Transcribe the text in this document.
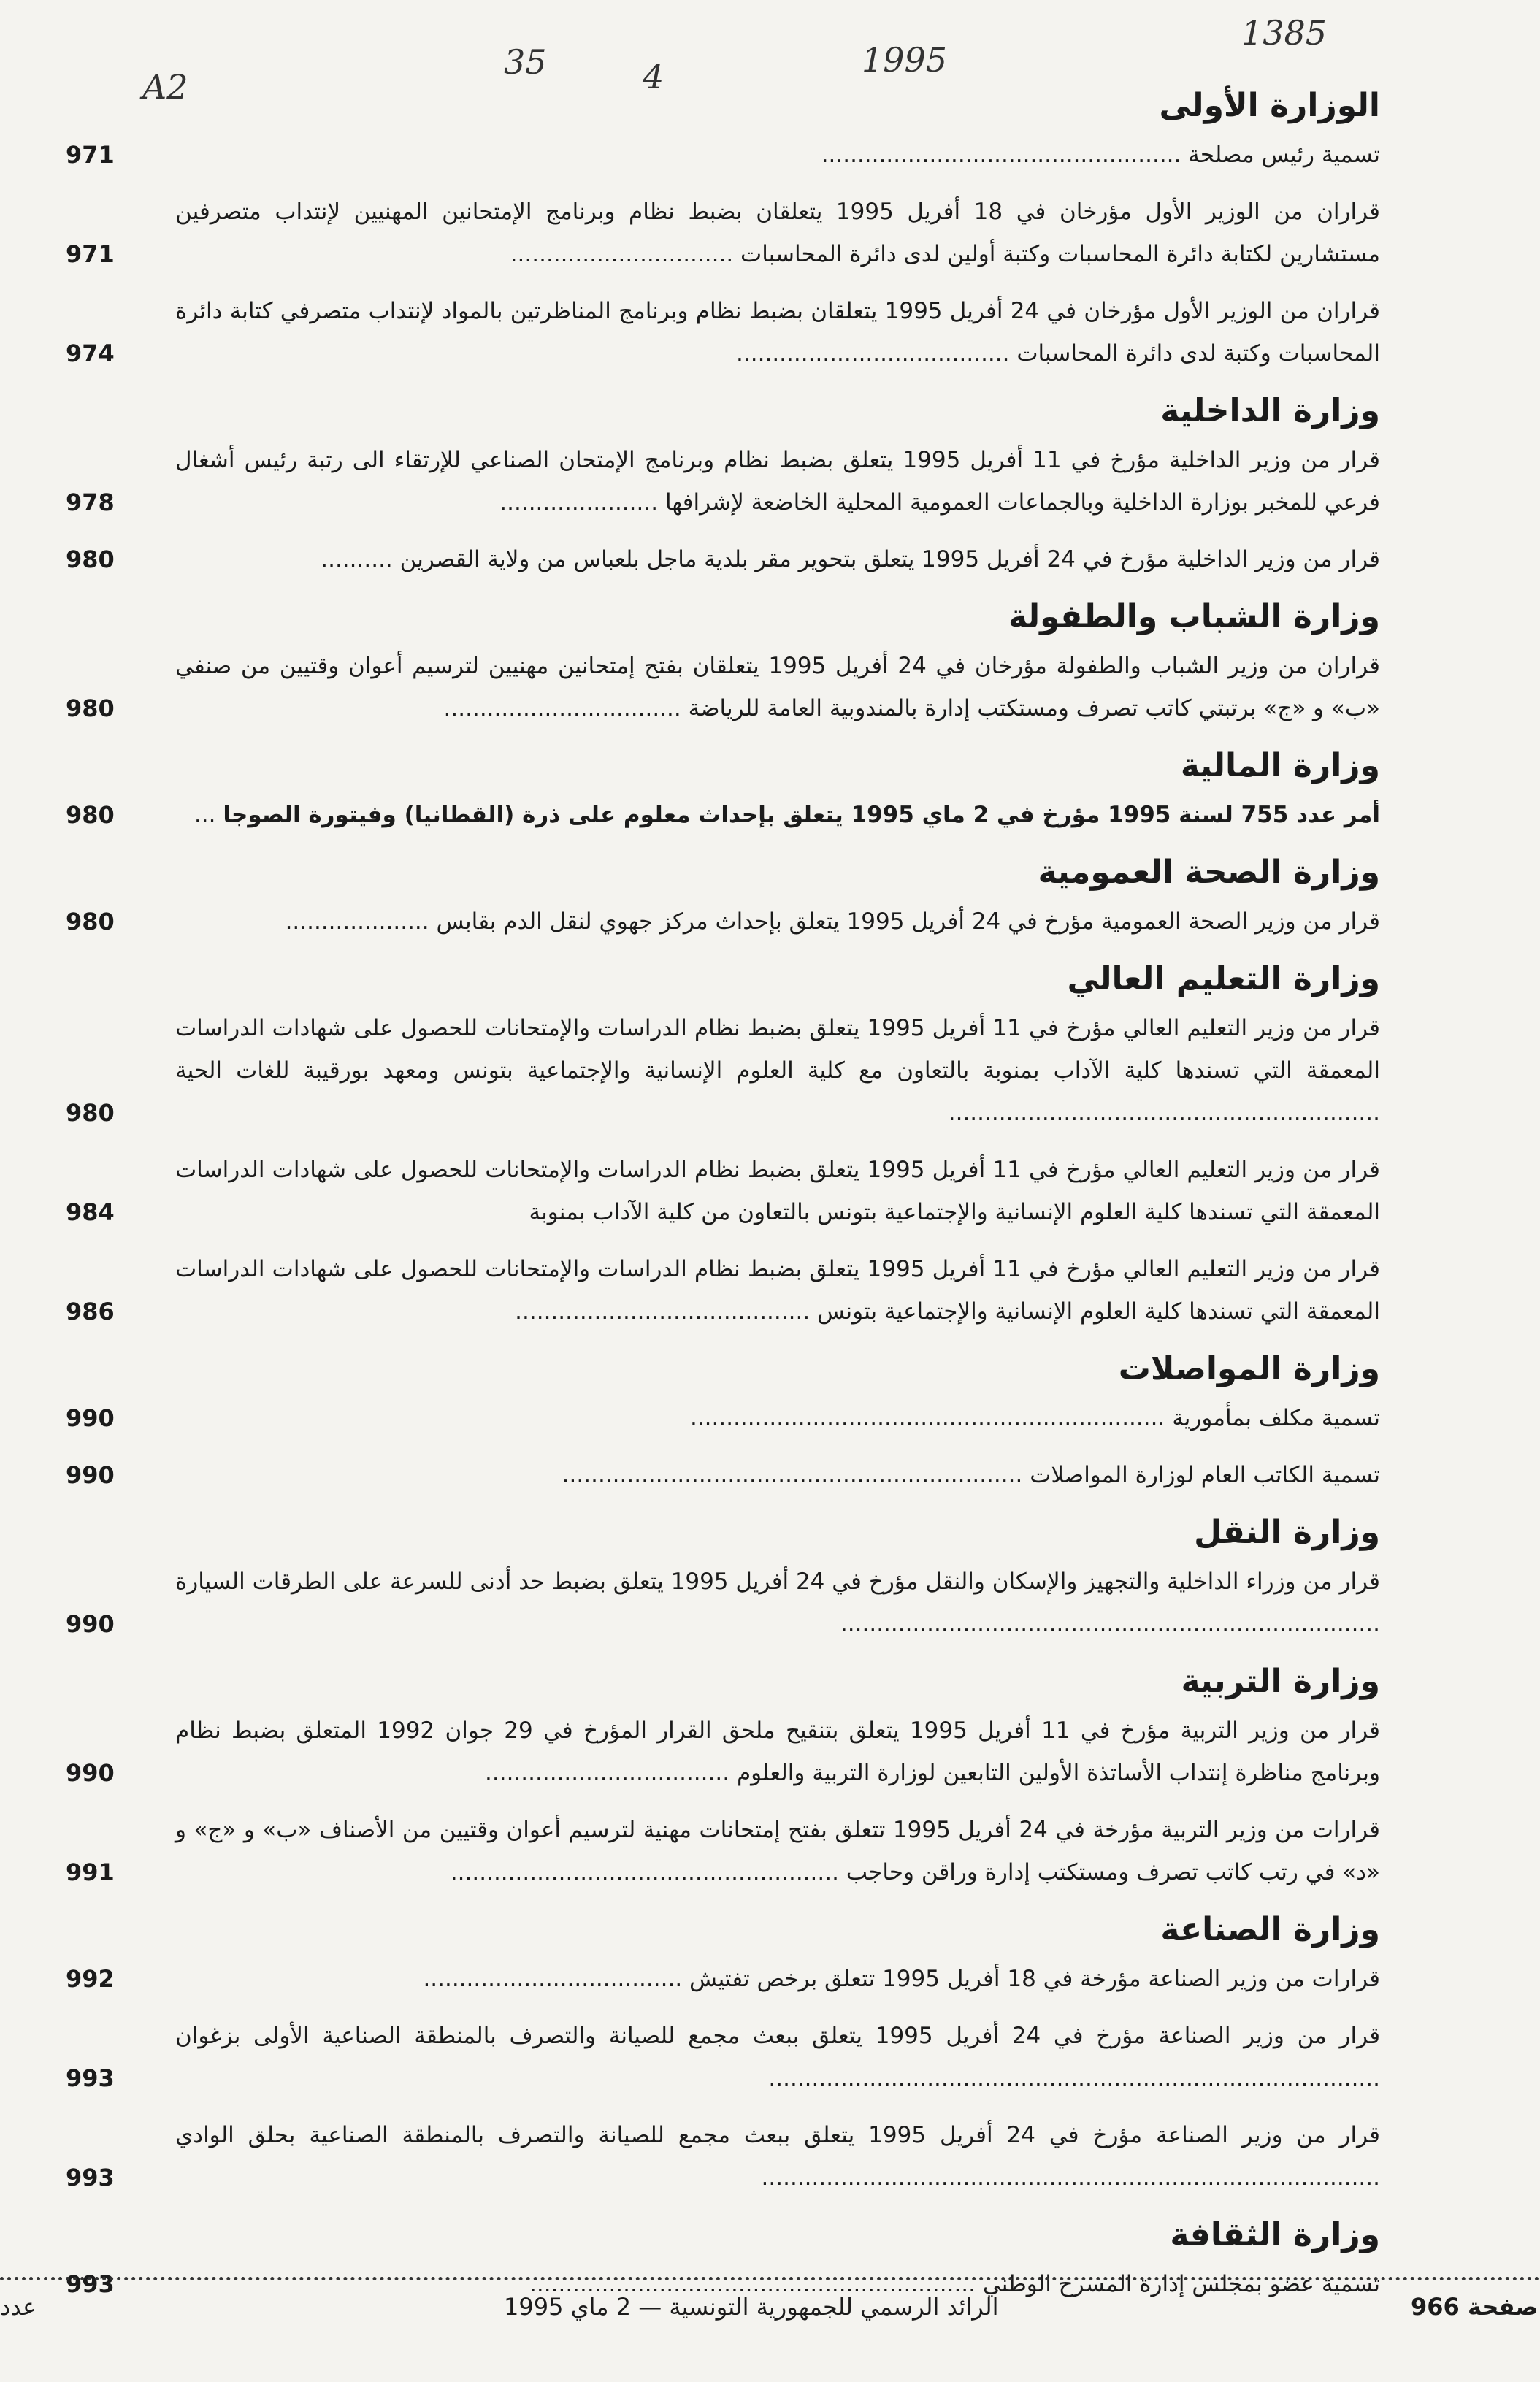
A2
35	4	1995
1385
الوزارة الأولى
تسمية رئيس مصلحة ..................................................
971
قراران من الوزير الأول مؤرخان في 18 أفريل 1995 يتعلقان بضبط نظام وبرنامج الإمتحانين المهنيين لإنتداب متصرفين مستشارين لكتابة دائرة المحاسبات وكتبة أولين لدى دائرة المحاسبات ...............................
971
قراران من الوزير الأول مؤرخان في 24 أفريل 1995 يتعلقان بضبط نظام وبرنامج المناظرتين بالمواد لإنتداب متصرفي كتابة دائرة المحاسبات وكتبة لدى دائرة المحاسبات ......................................
974
وزارة الداخلية
قرار من وزير الداخلية مؤرخ في 11 أفريل 1995 يتعلق بضبط نظام وبرنامج الإمتحان الصناعي للإرتقاء الى رتبة رئيس أشغال فرعي للمخبر بوزارة الداخلية وبالجماعات العمومية المحلية الخاضعة لإشرافها ......................
978
قرار من وزير الداخلية مؤرخ في 24 أفريل 1995 يتعلق بتحوير مقر بلدية ماجل بلعباس من ولاية القصرين ..........
980
وزارة الشباب والطفولة
قراران من وزير الشباب والطفولة مؤرخان في 24 أفريل 1995 يتعلقان بفتح إمتحانين مهنيين لترسيم أعوان وقتيين من صنفي «ب» و «ج» برتبتي كاتب تصرف ومستكتب إدارة بالمندوبية العامة للرياضة .................................
980
وزارة المالية
أمر عدد 755 لسنة 1995 مؤرخ في 2 ماي 1995 يتعلق بإحداث معلوم على ذرة (القطانيا) وفيتورة الصوجا ...
980
وزارة الصحة العمومية
قرار من وزير الصحة العمومية مؤرخ في 24 أفريل 1995 يتعلق بإحداث مركز جهوي لنقل الدم بقابس ....................
980
وزارة التعليم العالي
قرار من وزير التعليم العالي مؤرخ في 11 أفريل 1995 يتعلق بضبط نظام الدراسات والإمتحانات للحصول على شهادات الدراسات المعمقة التي تسندها كلية الآداب بمنوبة بالتعاون مع كلية العلوم الإنسانية والإجتماعية بتونس ومعهد بورقيبة للغات الحية ............................................................
980
قرار من وزير التعليم العالي مؤرخ في 11 أفريل 1995 يتعلق بضبط نظام الدراسات والإمتحانات للحصول على شهادات الدراسات المعمقة التي تسندها كلية العلوم الإنسانية والإجتماعية بتونس بالتعاون من كلية الآداب بمنوبة
984
قرار من وزير التعليم العالي مؤرخ في 11 أفريل 1995 يتعلق بضبط نظام الدراسات والإمتحانات للحصول على شهادات الدراسات المعمقة التي تسندها كلية العلوم الإنسانية والإجتماعية بتونس .........................................
986
وزارة المواصلات
تسمية مكلف بمأمورية ..................................................................
990
تسمية الكاتب العام لوزارة المواصلات ................................................................
990
وزارة النقل
قرار من وزراء الداخلية والتجهيز والإسكان والنقل مؤرخ في 24 أفريل 1995 يتعلق بضبط حد أدنى للسرعة على الطرقات السيارة ...........................................................................
990
وزارة التربية
قرار من وزير التربية مؤرخ في 11 أفريل 1995 يتعلق بتنقيح ملحق القرار المؤرخ في 29 جوان 1992 المتعلق بضبط نظام وبرنامج مناظرة إنتداب الأساتذة الأولين التابعين لوزارة التربية والعلوم ..................................
990
قرارات من وزير التربية مؤرخة في 24 أفريل 1995 تتعلق بفتح إمتحانات مهنية لترسيم أعوان وقتيين من الأصناف «ب» و «ج» و «د» في رتب كاتب تصرف ومستكتب إدارة وراقن وحاجب ......................................................
991
وزارة الصناعة
قرارات من وزير الصناعة مؤرخة في 18 أفريل 1995 تتعلق برخص تفتيش ....................................
992
قرار من وزير الصناعة مؤرخ في 24 أفريل 1995 يتعلق ببعث مجمع للصيانة والتصرف بالمنطقة الصناعية الأولى بزغوان .....................................................................................
993
قرار من وزير الصناعة مؤرخ في 24 أفريل 1995 يتعلق ببعث مجمع للصيانة والتصرف بالمنطقة الصناعية بحلق الوادي ......................................................................................
993
وزارة الثقافة
تسمية عضو بمجلس إدارة المسرح الوطني ..............................................................
993
عدد	الرائد الرسمي للجمهورية التونسية — 2 ماي 1995	صفحة 966
